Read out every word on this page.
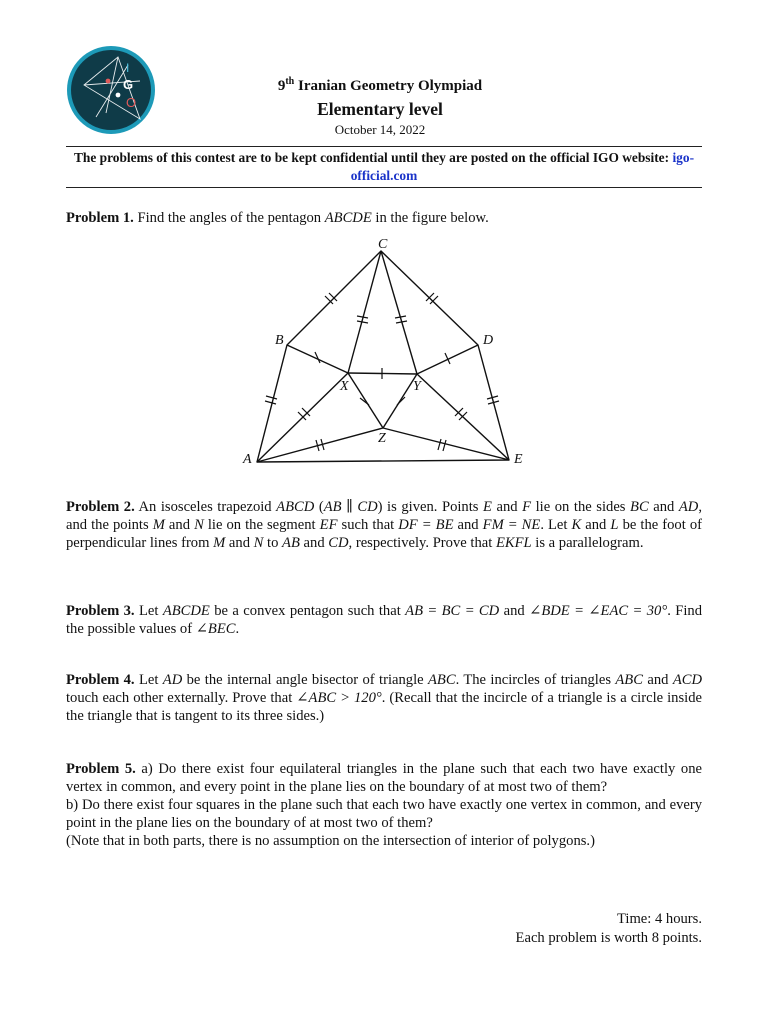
I
G
O
9th Iranian Geometry Olympiad
Elementary level
October 14, 2022
The problems of this contest are to be kept confidential until they are posted on the official IGO website: igo-official.com
Problem 1. Find the angles of the pentagon ABCDE in the figure below.
A
B
C
D
E
X	Y
Z
Problem 2. An isosceles trapezoid ABCD (AB ∥ CD) is given. Points E and F lie on the sides BC and AD, and the points M and N lie on the segment EF such that DF = BE and FM = NE. Let K and L be the foot of perpendicular lines from M and N to AB and CD, respectively. Prove that EKFL is a parallelogram.
Problem 3. Let ABCDE be a convex pentagon such that AB = BC = CD and ∠BDE = ∠EAC = 30°. Find the possible values of ∠BEC.
Problem 4. Let AD be the internal angle bisector of triangle ABC. The incircles of triangles ABC and ACD touch each other externally. Prove that ∠ABC > 120°. (Recall that the incircle of a triangle is a circle inside the triangle that is tangent to its three sides.)
Problem 5. a) Do there exist four equilateral triangles in the plane such that each two have exactly one vertex in common, and every point in the plane lies on the boundary of at most two of them?
b) Do there exist four squares in the plane such that each two have exactly one vertex in common, and every point in the plane lies on the boundary of at most two of them?
(Note that in both parts, there is no assumption on the intersection of interior of polygons.)
Time: 4 hours.
Each problem is worth 8 points.
